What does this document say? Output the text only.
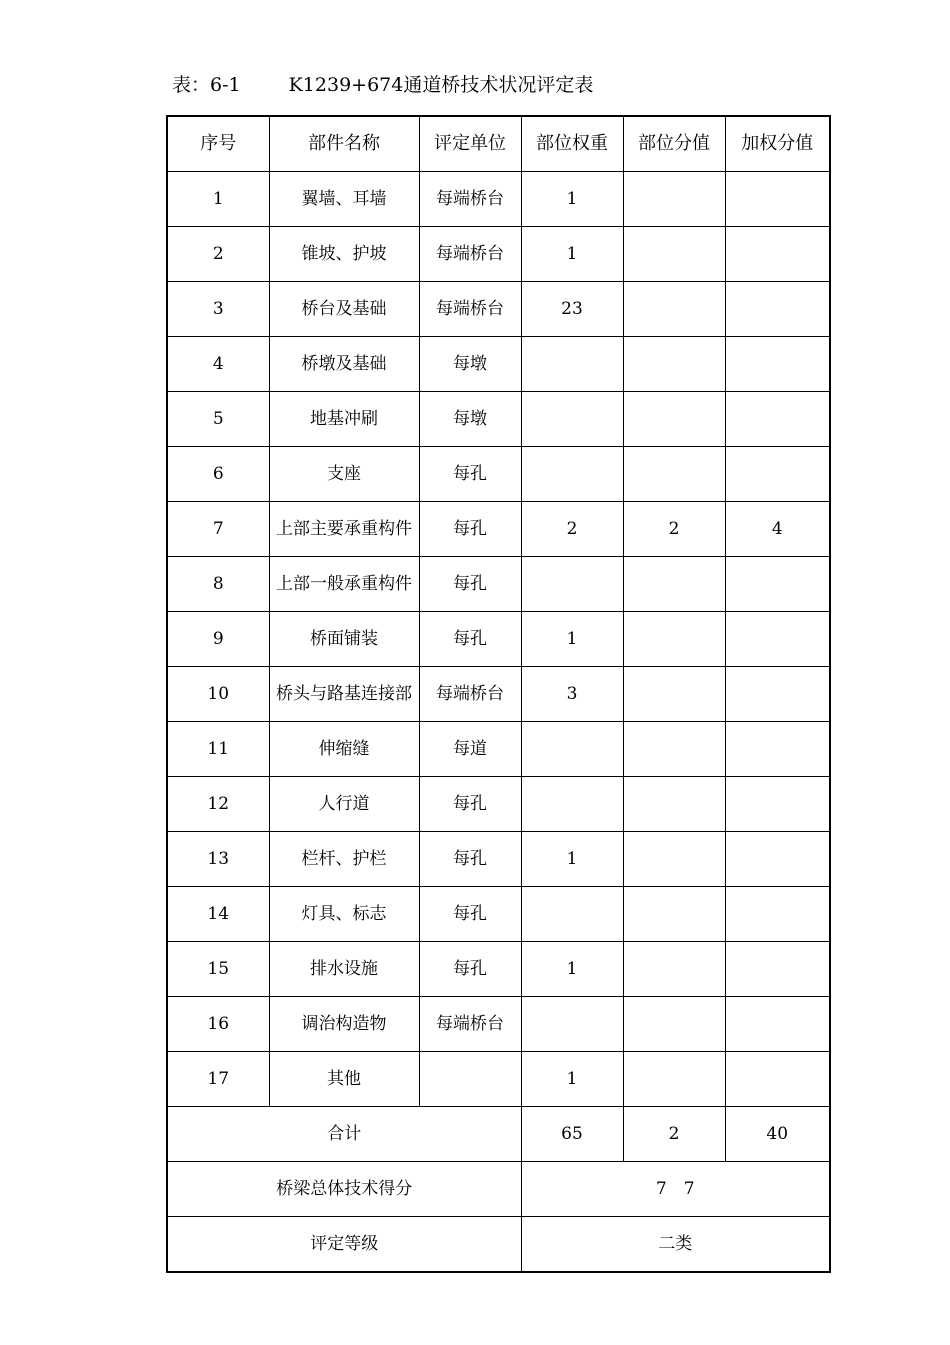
表：6-1	K1239+674通道桥技术状况评定表
序号	部件名称	评定单位	部位权重	部位分值	加权分值
1	翼墙、耳墙	每端桥台	1		
2	锥坡、护坡	每端桥台	1		
3	桥台及基础	每端桥台	23		
4	桥墩及基础	每墩			
5	地基冲刷	每墩			
6	支座	每孔			
7	上部主要承重构件	每孔	2	2	4
8	上部一般承重构件	每孔			
9	桥面铺装	每孔	1		
10	桥头与路基连接部	每端桥台	3		
11	伸缩缝	每道			
12	人行道	每孔			
13	栏杆、护栏	每孔	1		
14	灯具、标志	每孔			
15	排水设施	每孔	1		
16	调治构造物	每端桥台			
17	其他		1		
合计			65	2	40
桥梁总体技术得分			7　7		
评定等级			二类		
